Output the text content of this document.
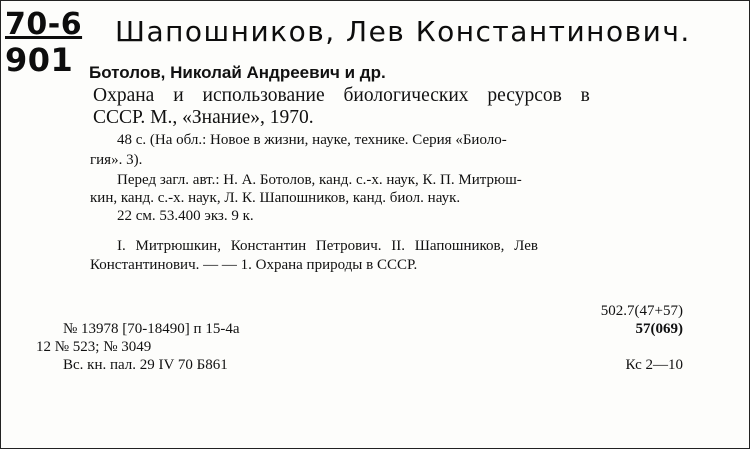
70-6
901
Шапошников, Лев Константинович.
Ботолов, Николай Андреевич и др.
Охрана и использование биологических ресурсов в
СССР. М., «Знание», 1970.
48 с. (На обл.: Новое в жизни, науке, технике. Серия «Биоло-
гия». 3).
Перед загл. авт.: Н. А. Ботолов, канд. с.-х. наук, К. П. Митрюш-
кин, канд. с.-х. наук, Л. К. Шапошников, канд. биол. наук.
22 см. 53.400 экз. 9 к.
I. Митрюшкин, Константин Петрович. II. Шапошников, Лев
Константинович. — — 1. Охрана природы в СССР.
502.7(47+57)
57(069)
Кс 2—10
№ 13978 [70-18490] п 15-4а
12 № 523; № 3049
Вс. кн. пал. 29 IV 70 Б861
